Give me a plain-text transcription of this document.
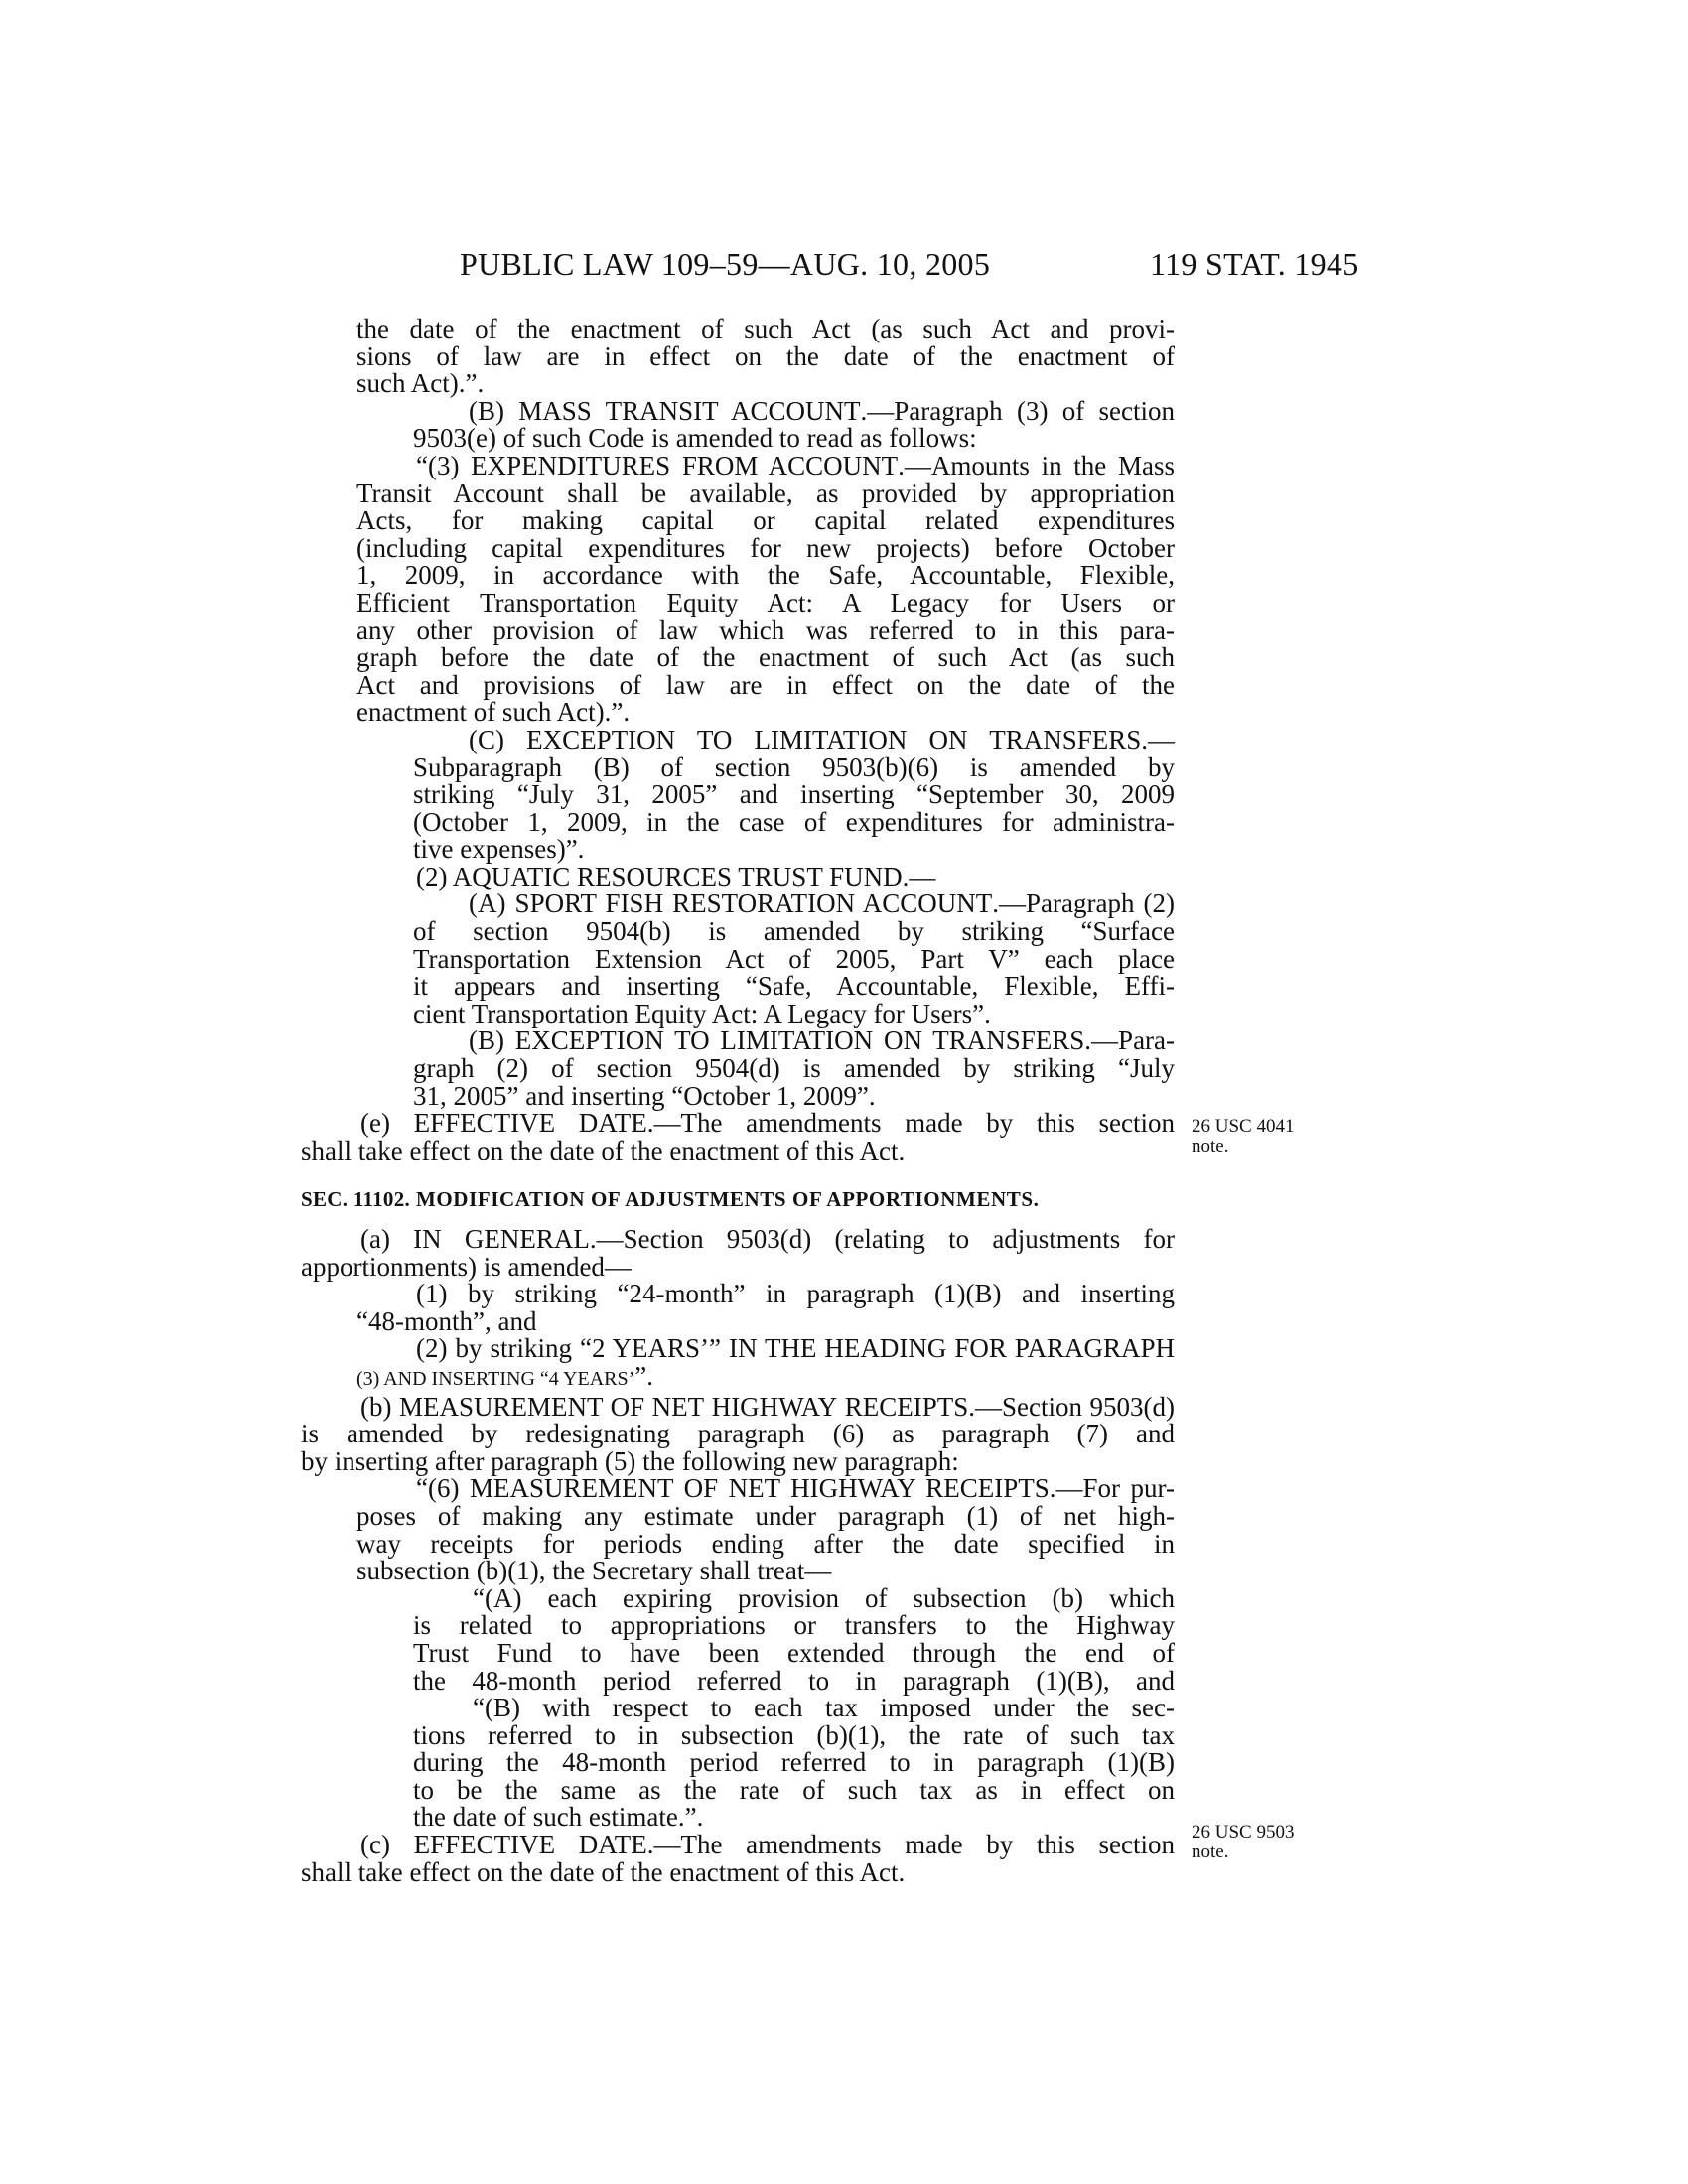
PUBLIC LAW 109–59—AUG. 10, 2005	119 STAT. 1945
26 USC 4041
note.
26 USC 9503
note.

the date of the enactment of such Act (as such Act and provi-

sions of law are in effect on the date of the enactment of

such Act).”.

(B) MASS TRANSIT ACCOUNT.—Paragraph (3) of section

9503(e) of such Code is amended to read as follows:

“(3) EXPENDITURES FROM ACCOUNT.—Amounts in the Mass

Transit Account shall be available, as provided by appropriation

Acts, for making capital or capital related expenditures

(including capital expenditures for new projects) before October

1, 2009, in accordance with the Safe, Accountable, Flexible,

Efficient Transportation Equity Act: A Legacy for Users or

any other provision of law which was referred to in this para-

graph before the date of the enactment of such Act (as such

Act and provisions of law are in effect on the date of the

enactment of such Act).”.

(C) EXCEPTION TO LIMITATION ON TRANSFERS.—

Subparagraph (B) of section 9503(b)(6) is amended by

striking “July 31, 2005” and inserting “September 30, 2009

(October 1, 2009, in the case of expenditures for administra-

tive expenses)”.

(2) AQUATIC RESOURCES TRUST FUND.—

(A) SPORT FISH RESTORATION ACCOUNT.—Paragraph (2)

of section 9504(b) is amended by striking “Surface

Transportation Extension Act of 2005, Part V” each place

it appears and inserting “Safe, Accountable, Flexible, Effi-

cient Transportation Equity Act: A Legacy for Users”.

(B) EXCEPTION TO LIMITATION ON TRANSFERS.—Para-

graph (2) of section 9504(d) is amended by striking “July

31, 2005” and inserting “October 1, 2009”.

(e) EFFECTIVE DATE.—The amendments made by this section

shall take effect on the date of the enactment of this Act.

SEC. 11102. MODIFICATION OF ADJUSTMENTS OF APPORTIONMENTS.

(a) IN GENERAL.—Section 9503(d) (relating to adjustments for

apportionments) is amended—

(1) by striking “24-month” in paragraph (1)(B) and inserting

“48-month”, and

(2) by striking “2 YEARS’” IN THE HEADING FOR PARAGRAPH

(3) AND INSERTING “4 YEARS’”.

(b) MEASUREMENT OF NET HIGHWAY RECEIPTS.—Section 9503(d)

is amended by redesignating paragraph (6) as paragraph (7) and

by inserting after paragraph (5) the following new paragraph:

“(6) MEASUREMENT OF NET HIGHWAY RECEIPTS.—For pur-

poses of making any estimate under paragraph (1) of net high-

way receipts for periods ending after the date specified in

subsection (b)(1), the Secretary shall treat—

“(A) each expiring provision of subsection (b) which

is related to appropriations or transfers to the Highway

Trust Fund to have been extended through the end of

the 48-month period referred to in paragraph (1)(B), and

“(B) with respect to each tax imposed under the sec-

tions referred to in subsection (b)(1), the rate of such tax

during the 48-month period referred to in paragraph (1)(B)

to be the same as the rate of such tax as in effect on

the date of such estimate.”.

(c) EFFECTIVE DATE.—The amendments made by this section

shall take effect on the date of the enactment of this Act.
